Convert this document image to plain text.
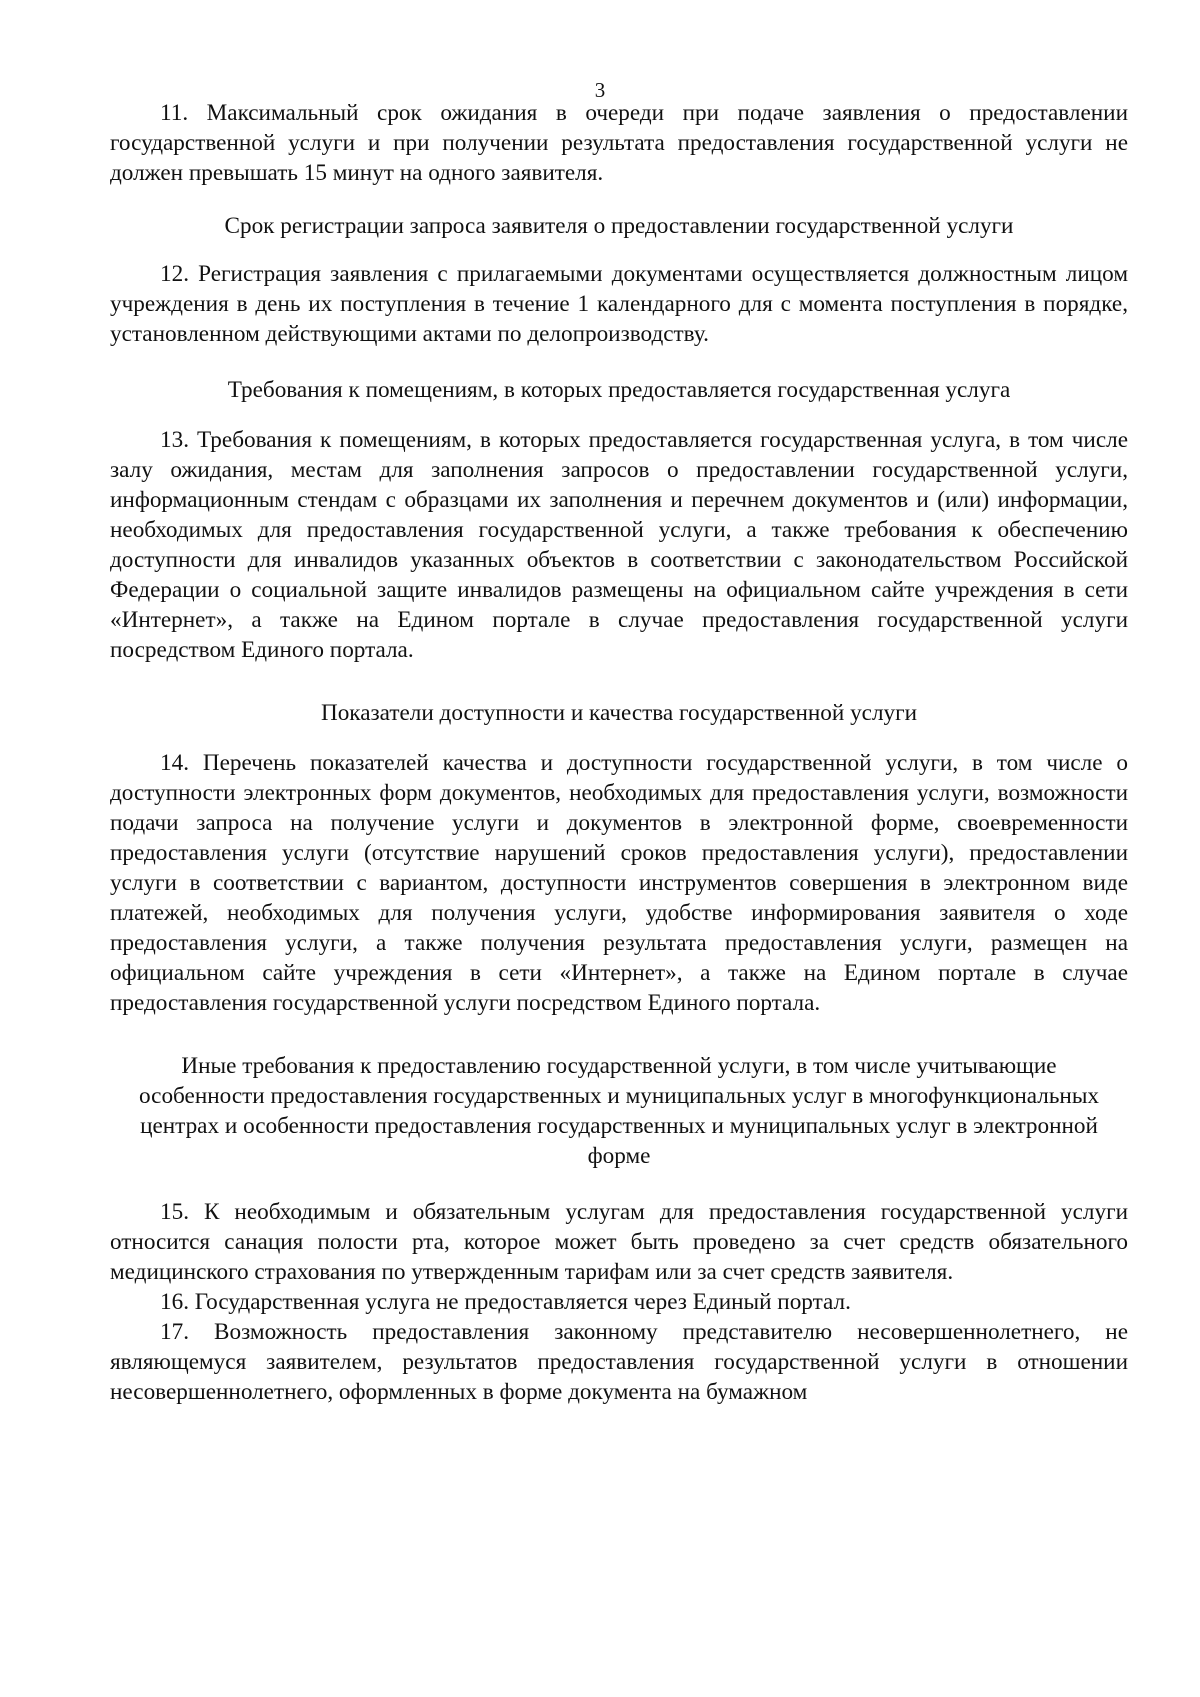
3

11. Максимальный срок ожидания в очереди при подаче заявления о предоставлении государственной услуги и при получении результата предоставления государственной услуги не должен превышать 15 минут на одного заявителя.

Срок регистрации запроса заявителя о предоставлении государственной услуги

12. Регистрация заявления с прилагаемыми документами осуществляется должностным лицом учреждения в день их поступления в течение 1 календарного для с момента поступления в порядке, установленном действующими актами по делопроизводству.

Требования к помещениям, в которых предоставляется государственная услуга

13. Требования к помещениям, в которых предоставляется государственная услуга, в том числе залу ожидания, местам для заполнения запросов о предоставлении государственной услуги, информационным стендам с образцами их заполнения и перечнем документов и (или) информации, необходимых для предоставления государственной услуги, а также требования к обеспечению доступности для инвалидов указанных объектов в соответствии с законодательством Российской Федерации о социальной защите инвалидов размещены на официальном сайте учреждения в сети «Интернет», а также на Едином портале в случае предоставления государственной услуги посредством Единого портала.

Показатели доступности и качества государственной услуги

14. Перечень показателей качества и доступности государственной услуги, в том числе о доступности электронных форм документов, необходимых для предоставления услуги, возможности подачи запроса на получение услуги и документов в электронной форме, своевременности предоставления услуги (отсутствие нарушений сроков предоставления услуги), предоставлении услуги в соответствии с вариантом, доступности инструментов совершения в электронном виде платежей, необходимых для получения услуги, удобстве информирования заявителя о ходе предоставления услуги, а также получения результата предоставления услуги, размещен на официальном сайте учреждения в сети «Интернет», а также на Едином портале в случае предоставления государственной услуги посредством Единого портала.

Иные требования к предоставлению государственной услуги, в том числе учитывающие особенности предоставления государственных и муниципальных услуг в многофункциональных центрах и особенности предоставления государственных и муниципальных услуг в электронной форме

15. К необходимым и обязательным услугам для предоставления государственной услуги относится санация полости рта, которое может быть проведено за счет средств обязательного медицинского страхования по утвержденным тарифам или за счет средств заявителя.

16. Государственная услуга не предоставляется через Единый портал.

17. Возможность предоставления законному представителю несовершеннолетнего, не являющемуся заявителем, результатов предоставления государственной услуги в отношении несовершеннолетнего, оформленных в форме документа на бумажном
